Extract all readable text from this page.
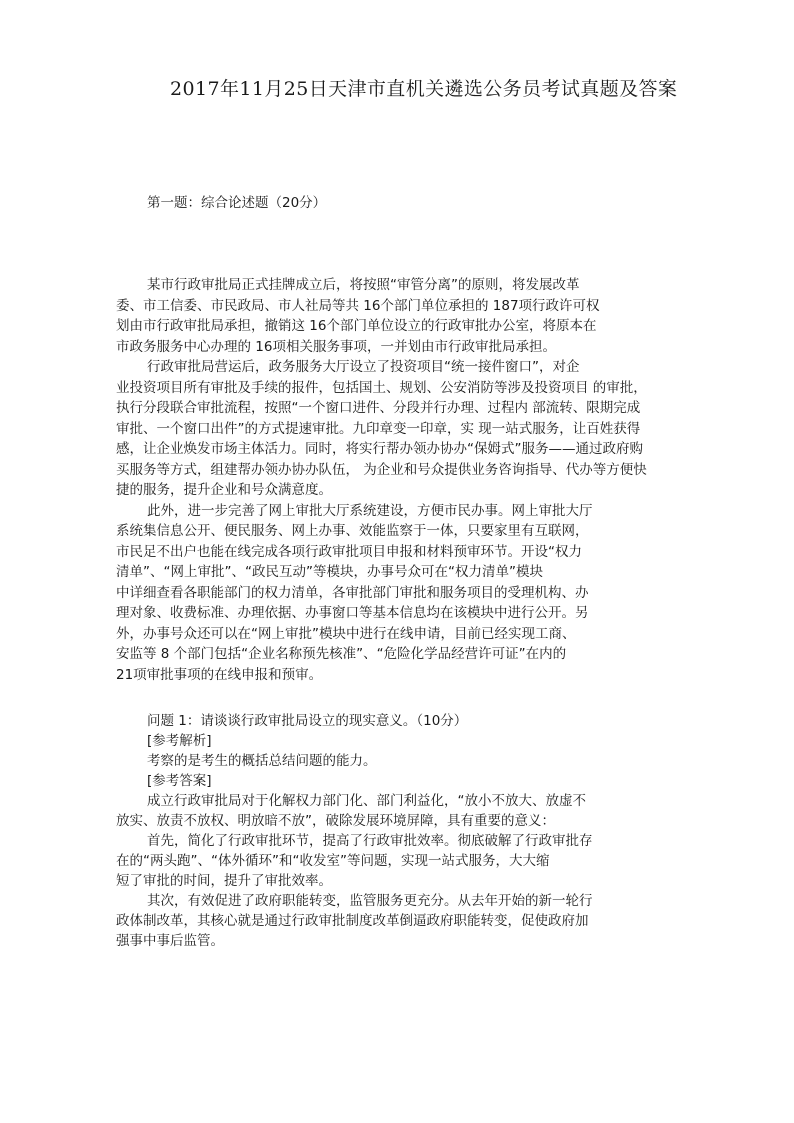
2017年11月25日天津市直机关遴选公务员考试真题及答案
第一题：综合论述题（20分）
某市行政审批局正式挂牌成立后，将按照“审管分离”的原则，将发展改革
委、市工信委、市民政局、市人社局等共 16个部门单位承担的 187项行政许可权
划由市行政审批局承担，撤销这 16个部门单位设立的行政审批办公室，将原本在
市政务服务中心办理的 16项相关服务事项，一并划由市行政审批局承担。
行政审批局营运后，政务服务大厅设立了投资项目“统一接件窗口”，对企
业投资项目所有审批及手续的报件，包括国土、规划、公安消防等涉及投资项目 的审批，
执行分段联合审批流程，按照“一个窗口进件、分段并行办理、过程内 部流转、限期完成
审批、一个窗口出件”的方式提速审批。九印章变一印章，实 现一站式服务，让百姓获得
感，让企业焕发市场主体活力。同时，将实行帮办领办协办“保姆式”服务——通过政府购
买服务等方式，组建帮办领办协办队伍， 为企业和号众提供业务咨询指导、代办等方便快
捷的服务，提升企业和号众满意度。
此外，进一步完善了网上审批大厅系统建设，方便市民办事。网上审批大厅
系统集信息公开、便民服务、网上办事、效能监察于一体，只要家里有互联网，
市民足不出户也能在线完成各项行政审批项目申报和材料预审环节。开设“权力
清单”、“网上审批”、“政民互动”等模块，办事号众可在“权力清单”模块
中详细查看各职能部门的权力清单，各审批部门审批和服务项目的受理机构、办
理对象、收费标准、办理依据、办事窗口等基本信息均在该模块中进行公开。另
外，办事号众还可以在“网上审批”模块中进行在线申请，目前已经实现工商、
安监等 8 个部门包括“企业名称预先核准”、“危险化学品经营许可证”在内的
21项审批事项的在线申报和预审。
问题 1：请谈谈行政审批局设立的现实意义。（10分）
[参考解析]
考察的是考生的概括总结问题的能力。
[参考答案]
成立行政审批局对于化解权力部门化、部门利益化，“放小不放大、放虚不
放实、放责不放权、明放暗不放”，破除发展环境屏障，具有重要的意义：
首先，简化了行政审批环节，提高了行政审批效率。彻底破解了行政审批存
在的“两头跑”、“体外循环”和“收发室”等问题，实现一站式服务，大大缩
短了审批的时间，提升了审批效率。
其次，有效促进了政府职能转变，监管服务更充分。从去年开始的新一轮行
政体制改革，其核心就是通过行政审批制度改革倒逼政府职能转变，促使政府加
强事中事后监管。
